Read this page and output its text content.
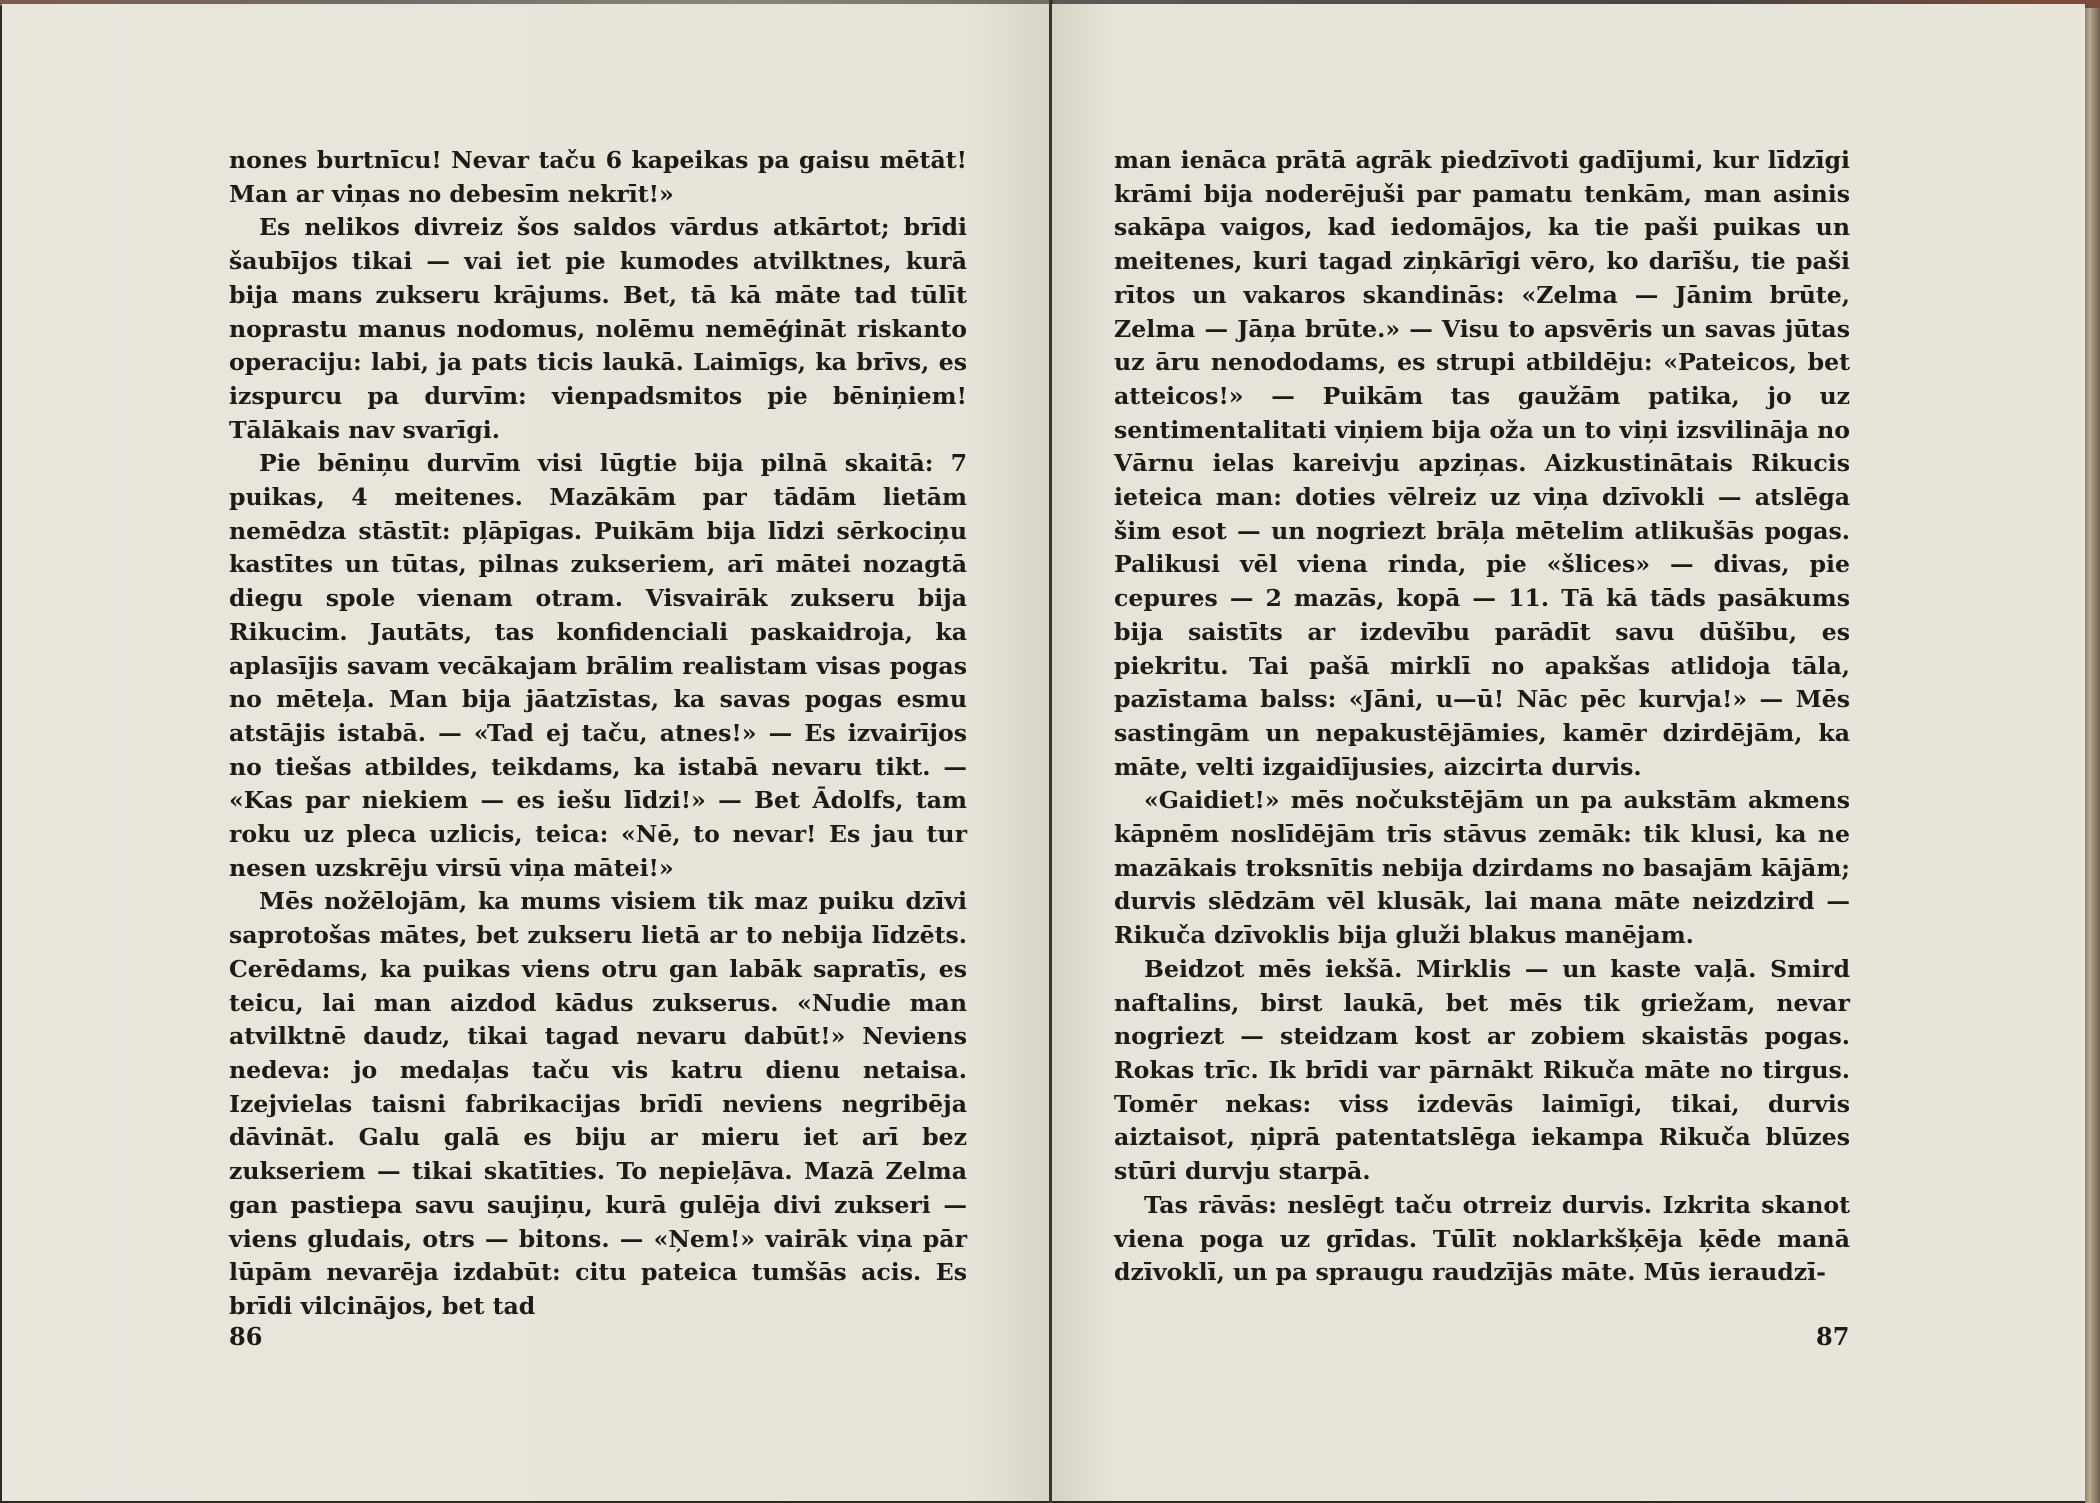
nones burtnīcu! Nevar taču 6 kapeikas pa gaisu mētāt! Man ar viņas no debesīm nekrīt!»

Es nelikos divreiz šos saldos vārdus atkārtot; brīdi šaubījos tikai — vai iet pie kumodes atvilktnes, kurā bija mans zukseru krājums. Bet, tā kā māte tad tūlīt noprastu manus nodomus, nolēmu nemēģināt riskanto operaciju: labi, ja pats ticis laukā. Laimīgs, ka brīvs, es izspurcu pa durvīm: vienpadsmitos pie bēniņiem! Tālākais nav svarīgi.

Pie bēniņu durvīm visi lūgtie bija pilnā skaitā: 7 puikas, 4 meitenes. Mazākām par tādām lietām nemēdza stāstīt: pļāpīgas. Puikām bija līdzi sērkociņu kastītes un tūtas, pilnas zukseriem, arī mātei nozagtā diegu spole vienam otram. Visvairāk zukseru bija Rikucim. Jautāts, tas konfidenciali paskaidroja, ka aplasījis savam vecākajam brālim realistam visas pogas no mēteļa. Man bija jāatzīstas, ka savas pogas esmu atstājis istabā. — «Tad ej taču, atnes!» — Es izvairījos no tiešas atbildes, teikdams, ka istabā nevaru tikt. — «Kas par niekiem — es iešu līdzi!» — Bet Ādolfs, tam roku uz pleca uzlicis, teica: «Nē, to nevar! Es jau tur nesen uzskrēju virsū viņa mātei!»

Mēs nožēlojām, ka mums visiem tik maz puiku dzīvi saprotošas mātes, bet zukseru lietā ar to nebija līdzēts. Cerēdams, ka puikas viens otru gan labāk sapratīs, es teicu, lai man aizdod kādus zukserus. «Nudie man atvilktnē daudz, tikai tagad nevaru dabūt!» Neviens nedeva: jo medaļas taču vis katru dienu netaisa. Izejvielas taisni fabrikacijas brīdī neviens negribēja dāvināt. Galu galā es biju ar mieru iet arī bez zukseriem — tikai skatīties. To nepieļāva. Mazā Zelma gan pastiepa savu saujiņu, kurā gulēja divi zukseri — viens gludais, otrs — bitons. — «Ņem!» vairāk viņa pār lūpām nevarēja izdabūt: citu pateica tumšās acis. Es brīdi vilcinājos, bet tad

86

man ienāca prātā agrāk piedzīvoti gadījumi, kur līdzīgi krāmi bija noderējuši par pamatu tenkām, man asinis sakāpa vaigos, kad iedomājos, ka tie paši puikas un meitenes, kuri tagad ziņkārīgi vēro, ko darīšu, tie paši rītos un vakaros skandinās: «Zelma — Jānim brūte, Zelma — Jāņa brūte.» — Visu to apsvēris un savas jūtas uz āru nenododams, es strupi atbildēju: «Pateicos, bet atteicos!» — Puikām tas gaužām patika, jo uz sentimentalitati viņiem bija oža un to viņi izsvilināja no Vārnu ielas kareivju apziņas. Aizkustinātais Rikucis ieteica man: doties vēlreiz uz viņa dzīvokli — atslēga šim esot — un nogriezt brāļa mētelim atlikušās pogas. Palikusi vēl viena rinda, pie «šlices» — divas, pie cepures — 2 mazās, kopā — 11. Tā kā tāds pasākums bija saistīts ar izdevību parādīt savu dūšību, es piekritu. Tai pašā mirklī no apakšas atlidoja tāla, pazīstama balss: «Jāni, u—ū! Nāc pēc kurvja!» — Mēs sastingām un nepakustējāmies, kamēr dzirdējām, ka māte, velti izgaidījusies, aizcirta durvis.

«Gaidiet!» mēs nočukstējām un pa aukstām akmens kāpnēm noslīdējām trīs stāvus zemāk: tik klusi, ka ne mazākais troksnītis nebija dzirdams no basajām kājām; durvis slēdzām vēl klusāk, lai mana māte neizdzird — Rikuča dzīvoklis bija gluži blakus manējam.

Beidzot mēs iekšā. Mirklis — un kaste vaļā. Smird naftalins, birst laukā, bet mēs tik griežam, nevar nogriezt — steidzam kost ar zobiem skaistās pogas. Rokas trīc. Ik brīdi var pārnākt Rikuča māte no tirgus. Tomēr nekas: viss izdevās laimīgi, tikai, durvis aiztaisot, ņiprā patentatslēga iekampa Rikuča blūzes stūri durvju starpā.

Tas rāvās: neslēgt taču otrreiz durvis. Izkrita skanot viena poga uz grīdas. Tūlīt noklarkšķēja ķēde manā dzīvoklī, un pa spraugu raudzījās māte. Mūs ieraudzī-

87
